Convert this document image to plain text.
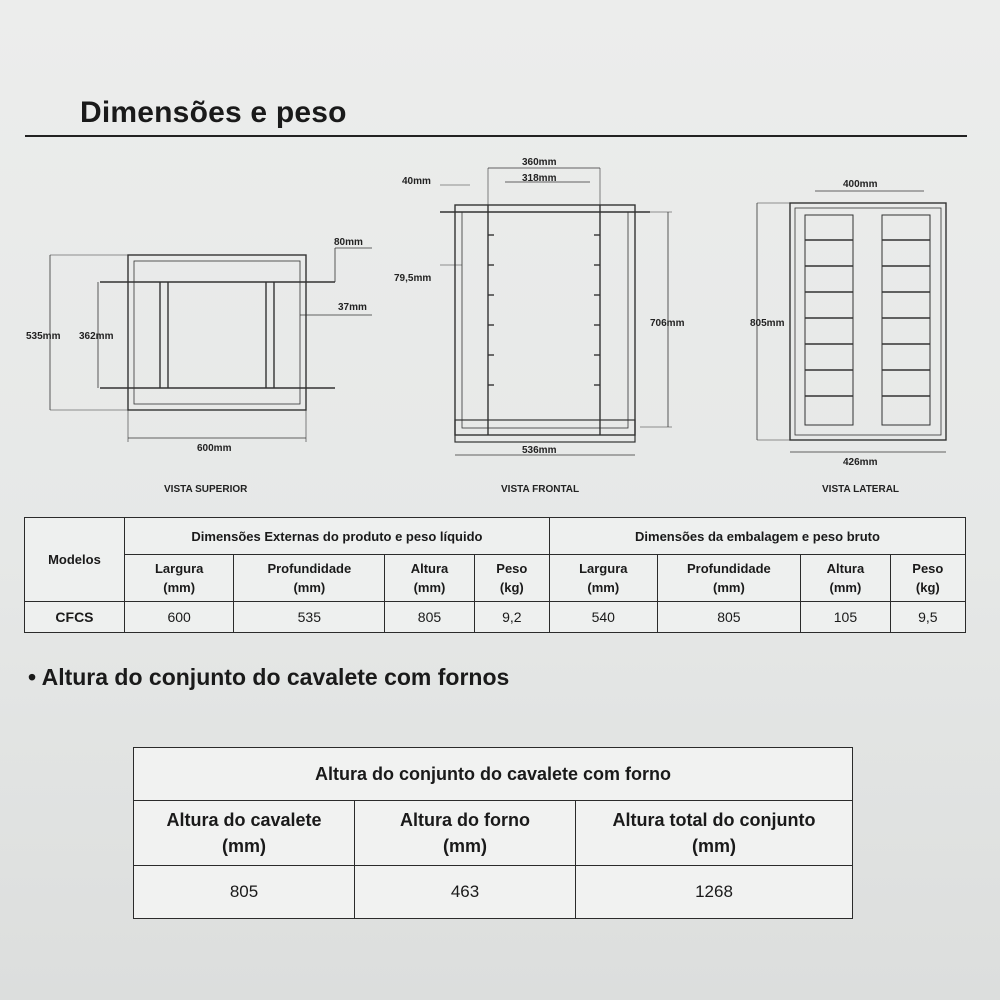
Dimensões e peso
80mm
37mm
535mm 362mm
600mm
VISTA SUPERIOR
360mm
318mm
40mm
79,5mm
706mm
536mm
VISTA FRONTAL
400mm
805mm
426mm
VISTA LATERAL
Modelos	Dimensões Externas do produto e peso líquido				Dimensões da embalagem e peso bruto			
	Largura
(mm)	Profundidade
(mm)	Altura
(mm)	Peso
(kg)	Largura
(mm)	Profundidade
(mm)	Altura
(mm)	Peso
(kg)
CFCS	600	535	805	9,2	540	805	105	9,5
• Altura do conjunto do cavalete com fornos
Altura do conjunto do cavalete com forno		
Altura do cavalete
(mm)	Altura do forno
(mm)	Altura total do conjunto
(mm)
805	463	1268
